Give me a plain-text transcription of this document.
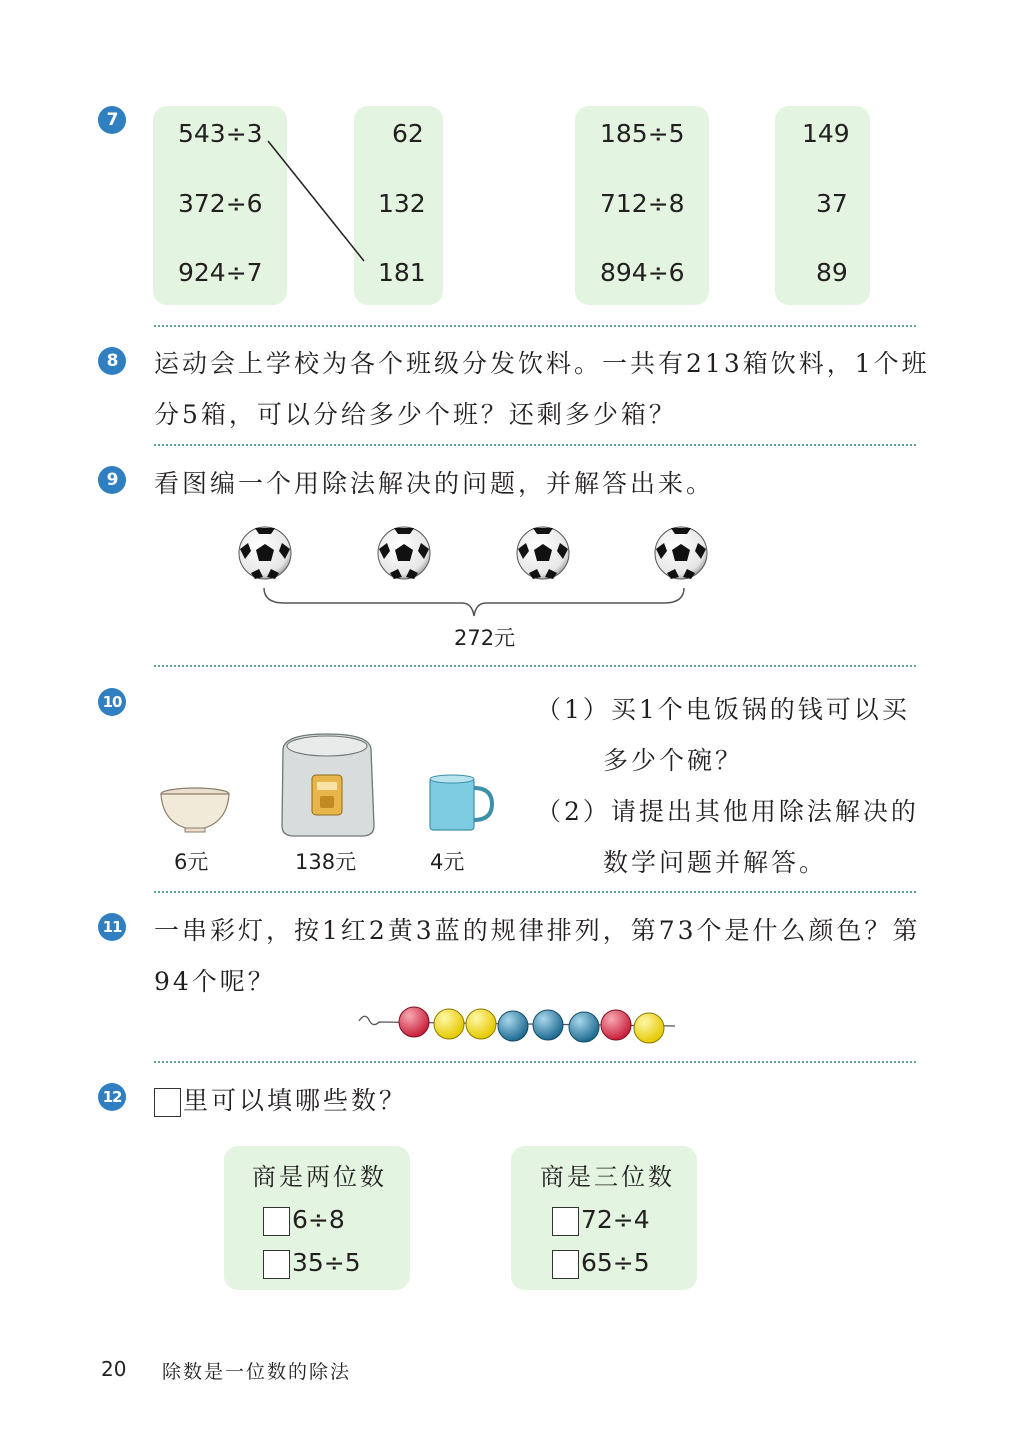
7 543÷3
372÷6
924÷7
62
132
181
185÷5
712÷8
894÷6
149
37
89
8 运动会上学校为各个班级分发饮料。一共有213箱饮料，1个班
分5箱，可以分给多少个班？还剩多少箱？
9 看图编一个用除法解决的问题，并解答出来。
272元
10
6元	138元	4元
（1）买1个电饭锅的钱可以买
多少个碗？
（2）请提出其他用除法解决的
数学问题并解答。
11 一串彩灯，按1红2黄3蓝的规律排列，第73个是什么颜色？第
94个呢？
12	里可以填哪些数？
商是两位数
6÷8
35÷5
商是三位数
72÷4
65÷5
20 除数是一位数的除法
